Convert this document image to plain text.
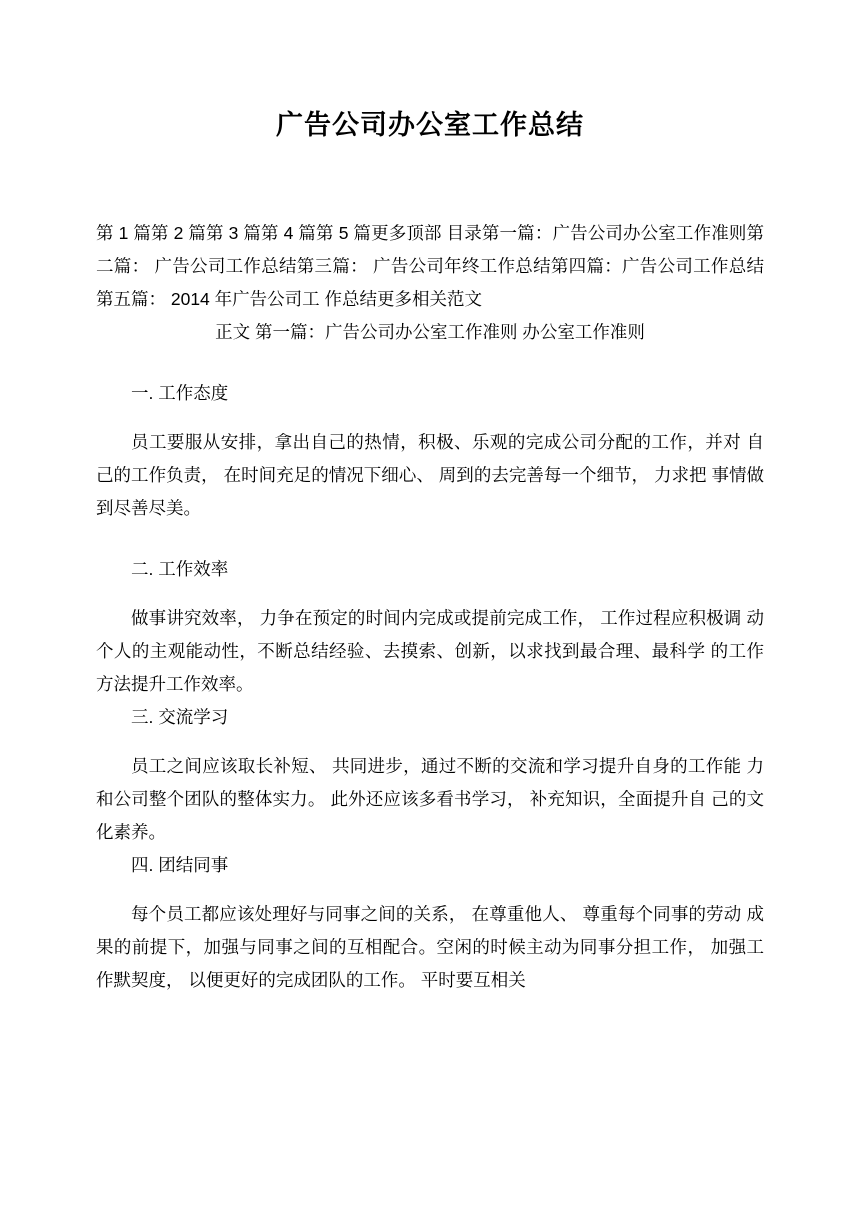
广告公司办公室工作总结

第 1 篇第 2 篇第 3 篇第 4 篇第 5 篇更多顶部 目录第一篇：广告公司办公室工作准则第二篇： 广告公司工作总结第三篇： 广告公司年终工作总结第四篇：广告公司工作总结第五篇： 2014 年广告公司工 作总结更多相关范文

正文 第一篇：广告公司办公室工作准则 办公室工作准则

一. 工作态度

员工要服从安排，拿出自己的热情，积极、乐观的完成公司分配的工作，并对 自己的工作负责， 在时间充足的情况下细心、 周到的去完善每一个细节， 力求把 事情做到尽善尽美。

二. 工作效率

做事讲究效率， 力争在预定的时间内完成或提前完成工作， 工作过程应积极调 动个人的主观能动性，不断总结经验、去摸索、创新，以求找到最合理、最科学 的工作方法提升工作效率。

三. 交流学习

员工之间应该取长补短、 共同进步，通过不断的交流和学习提升自身的工作能 力和公司整个团队的整体实力。 此外还应该多看书学习， 补充知识，全面提升自 己的文化素养。

四. 团结同事

每个员工都应该处理好与同事之间的关系， 在尊重他人、 尊重每个同事的劳动 成果的前提下，加强与同事之间的互相配合。空闲的时候主动为同事分担工作， 加强工作默契度， 以便更好的完成团队的工作。 平时要互相关
